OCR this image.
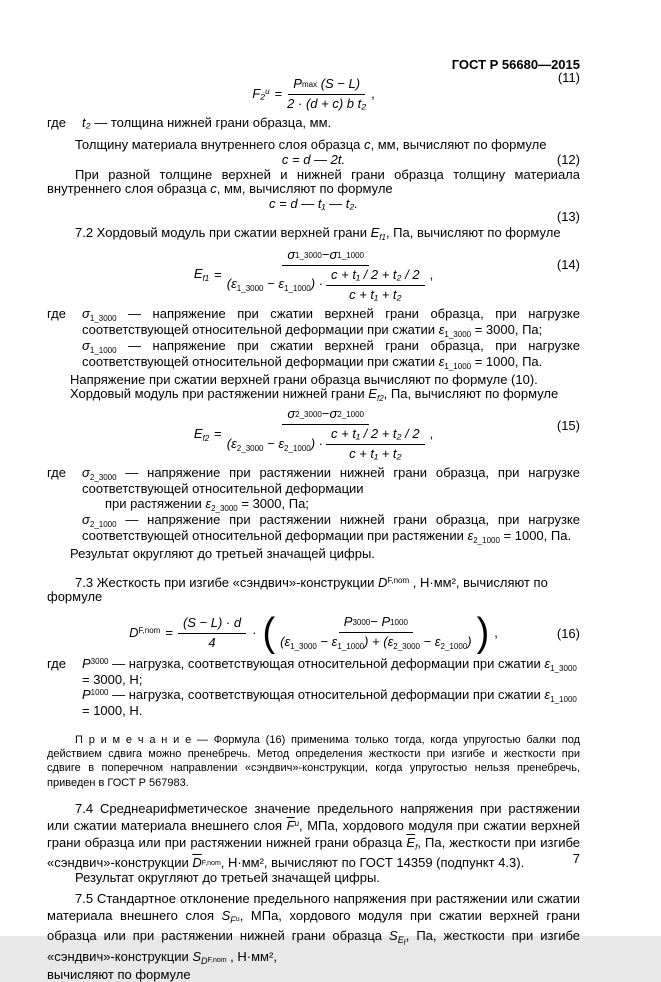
ГОСТ Р 56680—2015
F₂$^u$ =
P max
(S − L)
2 · (d + c) b t₂
,
(11)
где t₂ — толщина нижней грани образца, мм.

Толщину материала внутреннего слоя образца c, мм, вычисляют по формуле

c = d — 2t.	(12)

При разной толщине верхней и нижней грани образца толщину материала внутреннего слоя образца c, мм, вычисляют по формуле

c = d — t₁ — t₂.
(13)

7.2 Хордовый модуль при сжатии верхней грани $E_{f1}$, Па, вычисляют по формуле

$E_{f1}$ =
σ 1_3000 − σ 1_1000
$(\varepsilon_{1\_3000} - \varepsilon_{1\_1000})$ ·
c + t₁ / 2 + t₂ / 2
c + t₁ + t₂
,
(14)
где $\sigma_{1\_3000}$ — напряжение при сжатии верхней грани образца, при нагрузке соответствующей относительной деформации при сжатии $\varepsilon_{1\_3000} = 3000$, Па;
$\sigma_{1\_1000}$ — напряжение при сжатии верхней грани образца, при нагрузке соответствующей относительной деформации при сжатии $\varepsilon_{1\_1000} = 1000$, Па.
Напряжение при сжатии верхней грани образца вычисляют по формуле (10).
Хордовый модуль при растяжении нижней грани $E_{f2}$, Па, вычисляют по формуле
$E_{f2}$ =
σ 2_3000 − σ 2_1000
$(\varepsilon_{2\_3000} - \varepsilon_{2\_1000})$ ·
c + t₁ / 2 + t₂ / 2
c + t₁ + t₂
,
(15)
где $\sigma_{2\_3000}$ — напряжение при растяжении нижней грани образца, при нагрузке соответствующей относительной деформации
при растяжении $\varepsilon_{2\_3000} = 3000$, Па;
$\sigma_{2\_1000}$ — напряжение при растяжении нижней грани образца, при нагрузке соответствующей относительной деформации при растяжении $\varepsilon_{2\_1000} = 1000$, Па.
Результат округляют до третьей значащей цифры.

7.3 Жесткость при изгибе «сэндвич»-конструкции $D^{F,nom}$ , Н·мм², вычисляют по формуле

$D^{F,nom} = \frac{(S - L) \cdot d}{4}$ · (	P 3000 − P 1000
$(\varepsilon_{1\_3000} - \varepsilon_{1\_1000}) + (\varepsilon_{2\_3000} - \varepsilon_{2\_1000})$ ) ,	(16)
где $P^{3000}$ — нагрузка, соответствующая относительной деформации при сжатии $\varepsilon_{1\_3000} = 3000$, Н;
$P^{1000}$ — нагрузка, соответствующая относительной деформации при сжатии $\varepsilon_{1\_1000} = 1000$, Н.

П р и м е ч а н и е — Формула (16) применима только тогда, когда упругостью балки под действием сдвига можно пренебречь. Метод определения жесткости при изгибе и жесткости при сдвиге в поперечном направлении «сэндвич»-конструкции, когда упругостью нельзя пренебречь, приведен в ГОСТ Р 567983.

7.4 Среднеарифметическое значение предельного напряжения при растяжении или сжатии материала внешнего слоя $\overline{F}^u$, МПа, хордового модуля при сжатии верхней грани образца или при растяжении нижней грани образца $\overline{E}_f$, Па, жесткости при изгибе «сэндвич»-конструкции $\overline{D}^{F,nom}$, Н·мм², вычисляют по ГОСТ 14359 (подпункт 4.3).

Результат округляют до третьей значащей цифры.

7.5 Стандартное отклонение предельного напряжения при растяжении или сжатии материала внешнего слоя $S_{F^u}$, МПа, хордового модуля при сжатии верхней грани образца или при растяжении нижней грани образца $S_{E_f}$, Па, жесткости при изгибе «сэндвич»-конструкции $S_{D^{F,nom}}$ , Н·мм²,

вычисляют по формуле

7
